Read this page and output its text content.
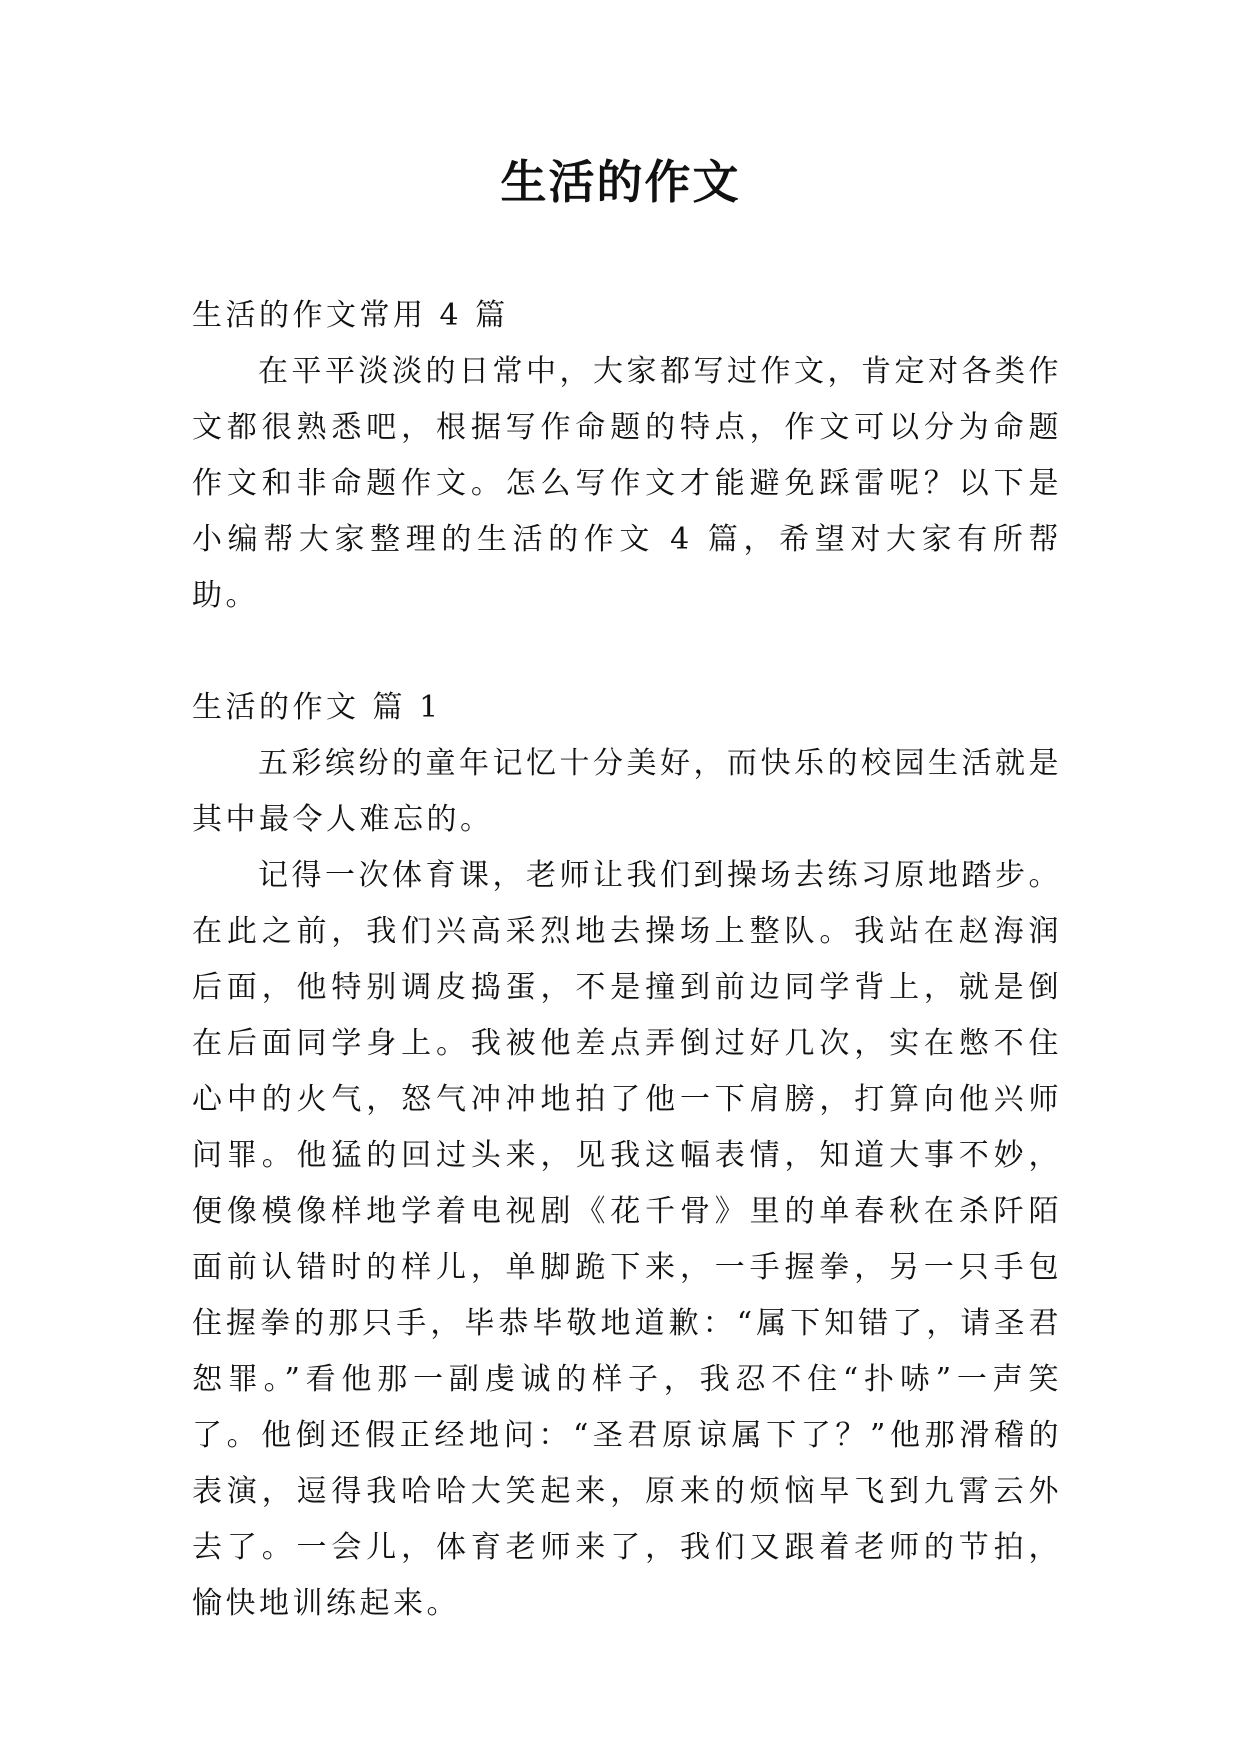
生活的作文

生活的作文常用 4 篇

在平平淡淡的日常中，大家都写过作文，肯定对各类作文都很熟悉吧，根据写作命题的特点，作文可以分为命题作文和非命题作文。怎么写作文才能避免踩雷呢？以下是小编帮大家整理的生活的作文 4 篇，希望对大家有所帮助。

生活的作文 篇 1

五彩缤纷的童年记忆十分美好，而快乐的校园生活就是其中最令人难忘的。

记得一次体育课，老师让我们到操场去练习原地踏步。在此之前，我们兴高采烈地去操场上整队。我站在赵海润后面，他特别调皮捣蛋，不是撞到前边同学背上，就是倒在后面同学身上。我被他差点弄倒过好几次，实在憋不住心中的火气，怒气冲冲地拍了他一下肩膀，打算向他兴师问罪。他猛的回过头来，见我这幅表情，知道大事不妙，便像模像样地学着电视剧《花千骨》里的单春秋在杀阡陌面前认错时的样儿，单脚跪下来，一手握拳，另一只手包住握拳的那只手，毕恭毕敬地道歉：“属下知错了，请圣君恕罪。”看他那一副虔诚的样子，我忍不住“扑哧”一声笑了。他倒还假正经地问：“圣君原谅属下了？”他那滑稽的表演，逗得我哈哈大笑起来，原来的烦恼早飞到九霄云外去了。一会儿，体育老师来了，我们又跟着老师的节拍，愉快地训练起来。
